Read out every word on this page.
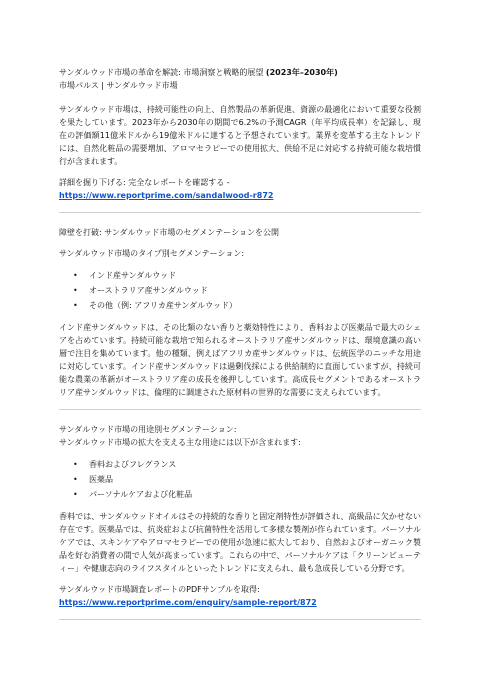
サンダルウッド市場の革命を解読: 市場洞察と戦略的展望 (2023年–2030年)

市場パルス | サンダルウッド市場

サンダルウッド市場は、持続可能性の向上、自然製品の革新促進、資源の最適化において重要な役割を果たしています。2023年から2030年の期間で6.2%の予測CAGR（年平均成長率）を記録し、現在の評価額11億米ドルから19億米ドルに達すると予想されています。業界を変革する主なトレンドには、自然化粧品の需要増加、アロマセラピーでの使用拡大、供給不足に対応する持続可能な栽培慣行が含まれます。

詳細を掘り下げる: 完全なレポートを確認する - https://www.reportprime.com/sandalwood-r872

障壁を打破: サンダルウッド市場のセグメンテーションを公開

サンダルウッド市場のタイプ別セグメンテーション:

• インド産サンダルウッド
• オーストラリア産サンダルウッド
• その他（例: アフリカ産サンダルウッド）

インド産サンダルウッドは、その比類のない香りと薬効特性により、香料および医薬品で最大のシェアを占めています。持続可能な栽培で知られるオーストラリア産サンダルウッドは、環境意識の高い層で注目を集めています。他の種類、例えばアフリカ産サンダルウッドは、伝統医学のニッチな用途に対応しています。インド産サンダルウッドは過剰伐採による供給制約に直面していますが、持続可能な農業の革新がオーストラリア産の成長を後押ししています。高成長セグメントであるオーストラリア産サンダルウッドは、倫理的に調達された原材料の世界的な需要に支えられています。

サンダルウッド市場の用途別セグメンテーション:

サンダルウッド市場の拡大を支える主な用途には以下が含まれます:

• 香料およびフレグランス
• 医薬品
• パーソナルケアおよび化粧品

香料では、サンダルウッドオイルはその持続的な香りと固定剤特性が評価され、高級品に欠かせない存在です。医薬品では、抗炎症および抗菌特性を活用して多様な製剤が作られています。パーソナルケアでは、スキンケアやアロマセラピーでの使用が急速に拡大しており、自然およびオーガニック製品を好む消費者の間で人気が高まっています。これらの中で、パーソナルケアは「クリーンビューティー」や健康志向のライフスタイルといったトレンドに支えられ、最も急成長している分野です。

サンダルウッド市場調査レポートのPDFサンプルを取得:

https://www.reportprime.com/enquiry/sample-report/872
